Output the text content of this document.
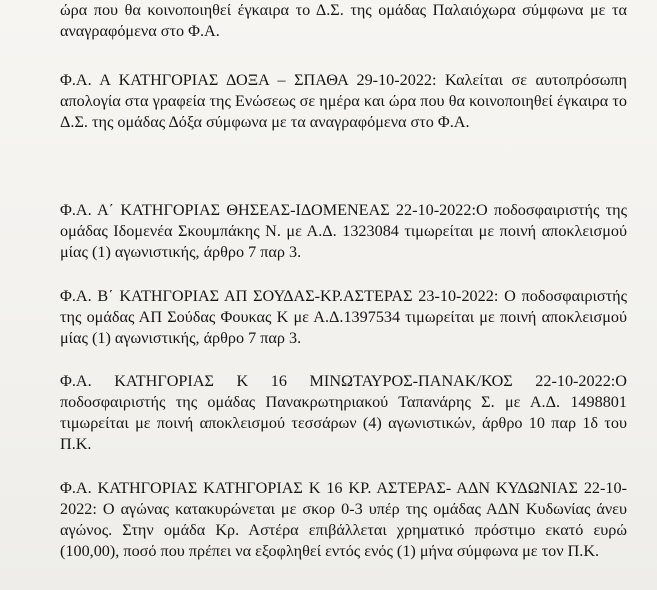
ώρα που θα κοινοποιηθεί έγκαιρα το Δ.Σ. της ομάδας Παλαιόχωρα σύμφωνα με τα αναγραφόμενα στο Φ.Α.

Φ.Α. Α ΚΑΤΗΓΟΡΙΑΣ ΔΟΞΑ – ΣΠΑΘΑ 29-10-2022: Καλείται σε αυτοπρόσωπη απολογία στα γραφεία της Ενώσεως σε ημέρα και ώρα που θα κοινοποιηθεί έγκαιρα το Δ.Σ. της ομάδας Δόξα σύμφωνα με τα αναγραφόμενα στο Φ.Α.

Φ.Α. Α΄ ΚΑΤΗΓΟΡΙΑΣ ΘΗΣΕΑΣ-ΙΔΟΜΕΝΕΑΣ 22-10-2022:Ο ποδοσφαιριστής της ομάδας Ιδομενέα Σκουμπάκης Ν. με Α.Δ. 1323084 τιμωρείται με ποινή αποκλεισμού μίας (1) αγωνιστικής, άρθρο 7 παρ 3.

Φ.Α. Β΄ ΚΑΤΗΓΟΡΙΑΣ ΑΠ ΣΟΥΔΑΣ-ΚΡ.ΑΣΤΕΡΑΣ 23-10-2022: Ο ποδοσφαιριστής της ομάδας ΑΠ Σούδας Φουκας Κ με Α.Δ.1397534 τιμωρείται με ποινή αποκλεισμού μίας (1) αγωνιστικής, άρθρο 7 παρ 3.

Φ.Α. ΚΑΤΗΓΟΡΙΑΣ Κ 16 ΜΙΝΩΤΑΥΡΟΣ-ΠΑΝΑΚ/ΚΟΣ 22-10-2022:Ο ποδοσφαιριστής της ομάδας Πανακρωτηριακού Ταπανάρης Σ. με Α.Δ. 1498801 τιμωρείται με ποινή αποκλεισμού τεσσάρων (4) αγωνιστικών, άρθρο 10 παρ 1δ του Π.Κ.

Φ.Α. ΚΑΤΗΓΟΡΙΑΣ ΚΑΤΗΓΟΡΙΑΣ Κ 16 ΚΡ. ΑΣΤΕΡΑΣ- ΑΔΝ ΚΥΔΩΝΙΑΣ 22-10-2022: Ο αγώνας κατακυρώνεται με σκορ 0-3 υπέρ της ομάδας ΑΔΝ Κυδωνίας άνευ αγώνος. Στην ομάδα Κρ. Αστέρα επιβάλλεται χρηματικό πρόστιμο εκατό ευρώ (100,00), ποσό που πρέπει να εξοφληθεί εντός ενός (1) μήνα σύμφωνα με τον Π.Κ.
